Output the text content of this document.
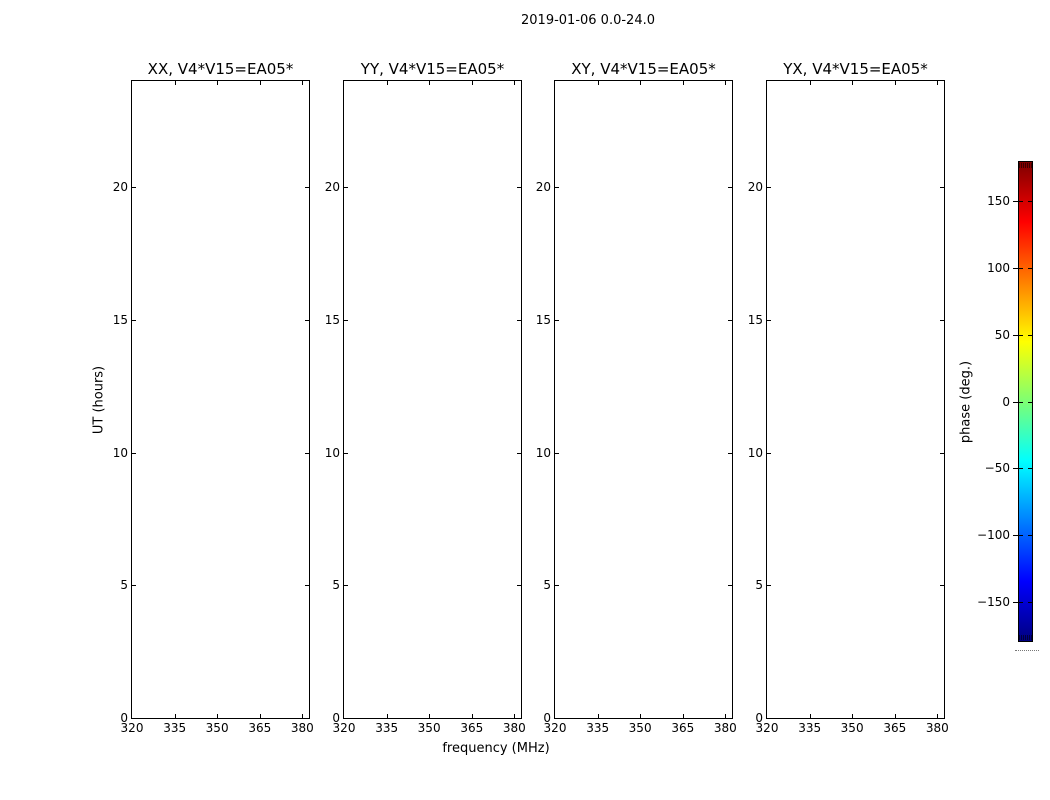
2019-01-06 0.0-24.0
UT (hours)
frequency (MHz)
phase (deg.)
XX, V4*V15=EA05*
320 335 350 365 380
0
5
10
15
20
YY, V4*V15=EA05*
320 335 350 365 380
0
5
10
15
20
XY, V4*V15=EA05*
320 335 350 365 380
0
5
10
15
20
YX, V4*V15=EA05*
320 335 350 365 380
0
5
10
15
20
150
100
50
0
−50
−100
−150
